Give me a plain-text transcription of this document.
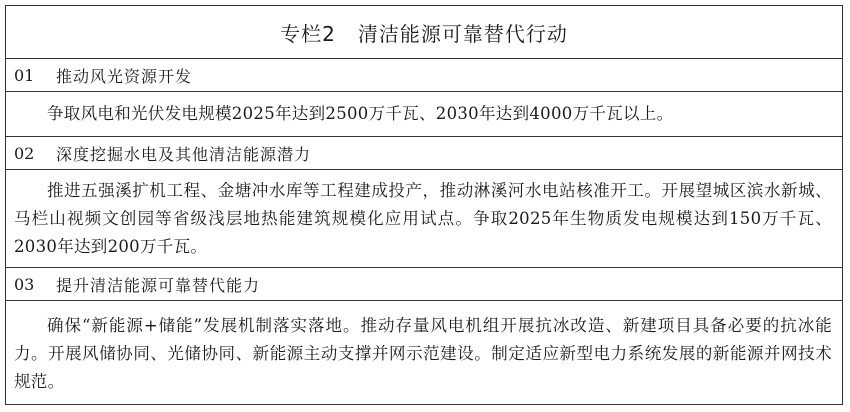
专栏2 清洁能源可靠替代行动
01	推动风光资源开发
争取风电和光伏发电规模2025年达到2500万千瓦、2030年达到4000万千瓦以上。
02	深度挖掘水电及其他清洁能源潜力
推进五强溪扩机工程、金塘冲水库等工程建成投产，推动淋溪河水电站核准开工。开展望城区滨水新城、马栏山视频文创园等省级浅层地热能建筑规模化应用试点。争取2025年生物质发电规模达到150万千瓦、2030年达到200万千瓦。
03	提升清洁能源可靠替代能力
确保“新能源+储能”发展机制落实落地。推动存量风电机组开展抗冰改造、新建项目具备必要的抗冰能力。开展风储协同、光储协同、新能源主动支撑并网示范建设。制定适应新型电力系统发展的新能源并网技术规范。
